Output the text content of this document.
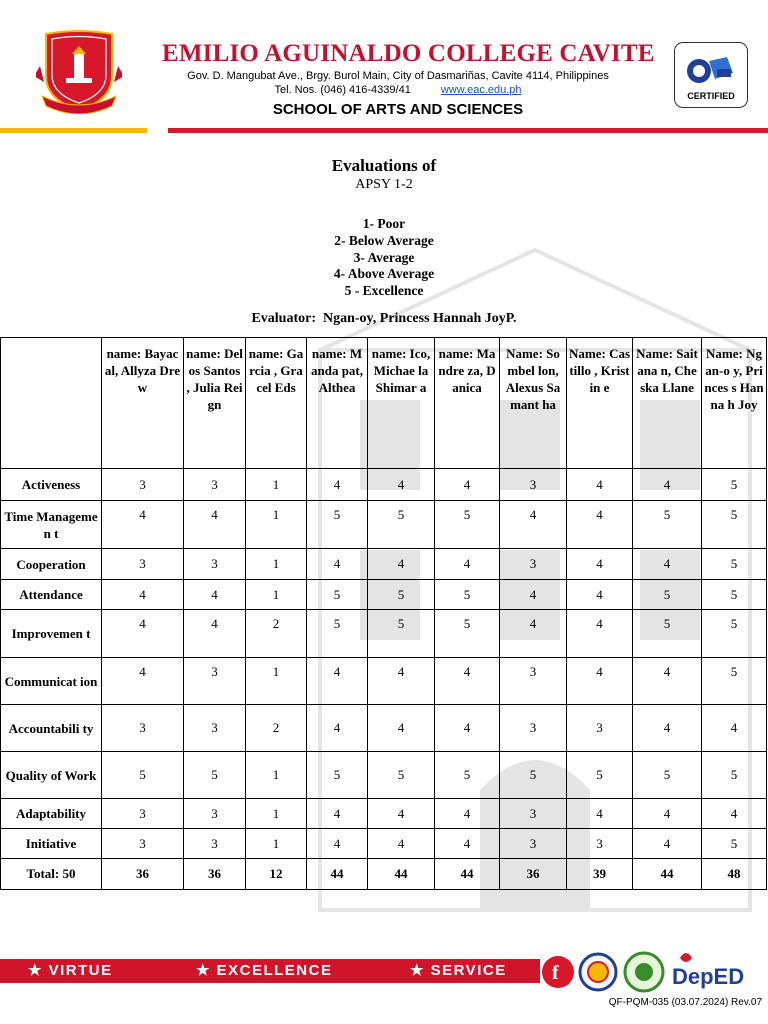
EMILIO AGUINALDO COLLEGE CAVITE
Gov. D. Mangubat Ave., Brgy. Burol Main, City of Dasmariñas, Cavite 4114, Philippines
Tel. Nos. (046) 416-4339/41	www.eac.edu.ph
SCHOOL OF ARTS AND SCIENCES
CERTIFIED
Evaluations of
APSY 1-2
1- Poor
2- Below Average
3- Average
4- Above Average
5 - Excellence
Evaluator:  Ngan-oy, Princess Hannah JoyP.
	name: Bayacal, Allyza Drew	name: Delos Santos , Julia Reign	name: Garcia , Gracel Eds	name: Manda pat, Althea	name: Ico, Michae la Shimar a	name: Mandre za, Danica	Name: Sombel lon, Alexus Samant ha	Name: Castillo , Kristin e	Name: Saitana n, Cheska Llane	Name: Ngan-o y, Princes s Hanna h Joy
Activeness	3	3	1	4	4	4	3	4	4	5
Time Managemen t	4	4	1	5	5	5	4	4	5	5
Cooperation	3	3	1	4	4	4	3	4	4	5
Attendance	4	4	1	5	5	5	4	4	5	5
Improvemen t	4	4	2	5	5	5	4	4	5	5
Communicat ion	4	3	1	4	4	4	3	4	4	5
Accountabili ty	3	3	2	4	4	4	3	3	4	4
Quality of Work	5	5	1	5	5	5	5	5	5	5
Adaptability	3	3	1	4	4	4	3	4	4	4
Initiative	3	3	1	4	4	4	3	3	4	5
Total: 50	36	36	12	44	44	44	36	39	44	48
★ VIRTUE	★ EXCELLENCE	★ SERVICE f	DepED
QF-PQM-035 (03.07.2024) Rev.07
